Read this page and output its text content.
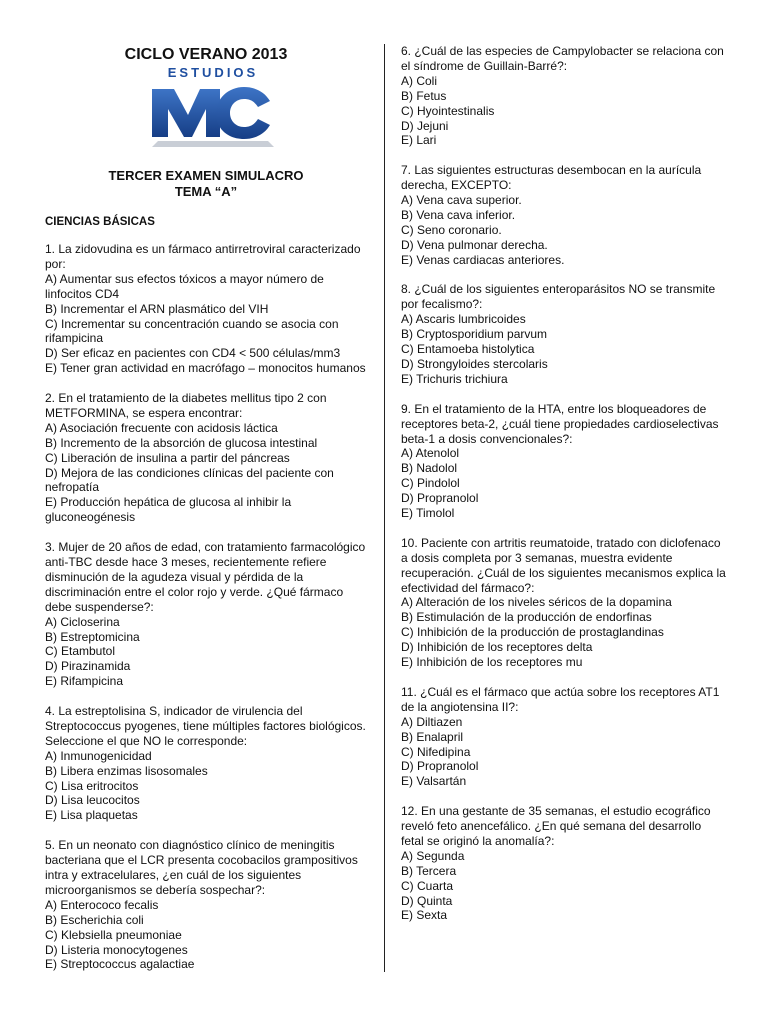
CICLO VERANO 2013
ESTUDIOS
TERCER EXAMEN SIMULACRO
TEMA “A”
CIENCIAS BÁSICAS

1. La zidovudina es un fármaco antirretroviral caracterizado por:

A) Aumentar sus efectos tóxicos a mayor número de linfocitos CD4
B) Incrementar el ARN plasmático del VIH
C) Incrementar su concentración cuando se asocia con rifampicina
D) Ser eficaz en pacientes con CD4 < 500 células/mm3
E) Tener gran actividad en macrófago – monocitos humanos

2. En el tratamiento de la diabetes mellitus tipo 2 con METFORMINA, se espera encontrar:

A) Asociación frecuente con acidosis láctica
B) Incremento de la absorción de glucosa intestinal
C) Liberación de insulina a partir del páncreas
D) Mejora de las condiciones clínicas del paciente con nefropatía
E) Producción hepática de glucosa al inhibir la gluconeogénesis

3. Mujer de 20 años de edad, con tratamiento farmacológico anti-TBC desde hace 3 meses, recientemente refiere disminución de la agudeza visual y pérdida de la discriminación entre el color rojo y verde. ¿Qué fármaco debe suspenderse?:

A) Cicloserina
B) Estreptomicina
C) Etambutol
D) Pirazinamida
E) Rifampicina

4. La estreptolisina S, indicador de virulencia del Streptococcus pyogenes, tiene múltiples factores biológicos. Seleccione el que NO le corresponde:

A) Inmunogenicidad
B) Libera enzimas lisosomales
C) Lisa eritrocitos
D) Lisa leucocitos
E) Lisa plaquetas

5. En un neonato con diagnóstico clínico de meningitis bacteriana que el LCR presenta cocobacilos grampositivos intra y extracelulares, ¿en cuál de los siguientes microorganismos se debería sospechar?:

A) Enterococo fecalis
B) Escherichia coli
C) Klebsiella pneumoniae
D) Listeria monocytogenes
E) Streptococcus agalactiae

6. ¿Cuál de las especies de Campylobacter se relaciona con el síndrome de Guillain-Barré?:

A) Coli
B) Fetus
C) Hyointestinalis
D) Jejuni
E) Lari

7. Las siguientes estructuras desembocan en la aurícula derecha, EXCEPTO:

A) Vena cava superior.
B) Vena cava inferior.
C) Seno coronario.
D) Vena pulmonar derecha.
E) Venas cardiacas anteriores.

8. ¿Cuál de los siguientes enteroparásitos NO se transmite por fecalismo?:

A) Ascaris lumbricoides
B) Cryptosporidium parvum
C) Entamoeba histolytica
D) Strongyloides stercolaris
E) Trichuris trichiura

9. En el tratamiento de la HTA, entre los bloqueadores de receptores beta-2, ¿cuál tiene propiedades cardioselectivas beta-1 a dosis convencionales?:

A) Atenolol
B) Nadolol
C) Pindolol
D) Propranolol
E) Timolol

10. Paciente con artritis reumatoide, tratado con diclofenaco a dosis completa por 3 semanas, muestra evidente recuperación. ¿Cuál de los siguientes mecanismos explica la efectividad del fármaco?:

A) Alteración de los niveles séricos de la dopamina
B) Estimulación de la producción de endorfinas
C) Inhibición de la producción de prostaglandinas
D) Inhibición de los receptores delta
E) Inhibición de los receptores mu

11. ¿Cuál es el fármaco que actúa sobre los receptores AT1 de la angiotensina II?:

A) Diltiazen
B) Enalapril
C) Nifedipina
D) Propranolol
E) Valsartán

12. En una gestante de 35 semanas, el estudio ecográfico reveló feto anencefálico. ¿En qué semana del desarrollo fetal se originó la anomalía?:

A) Segunda
B) Tercera
C) Cuarta
D) Quinta
E) Sexta
